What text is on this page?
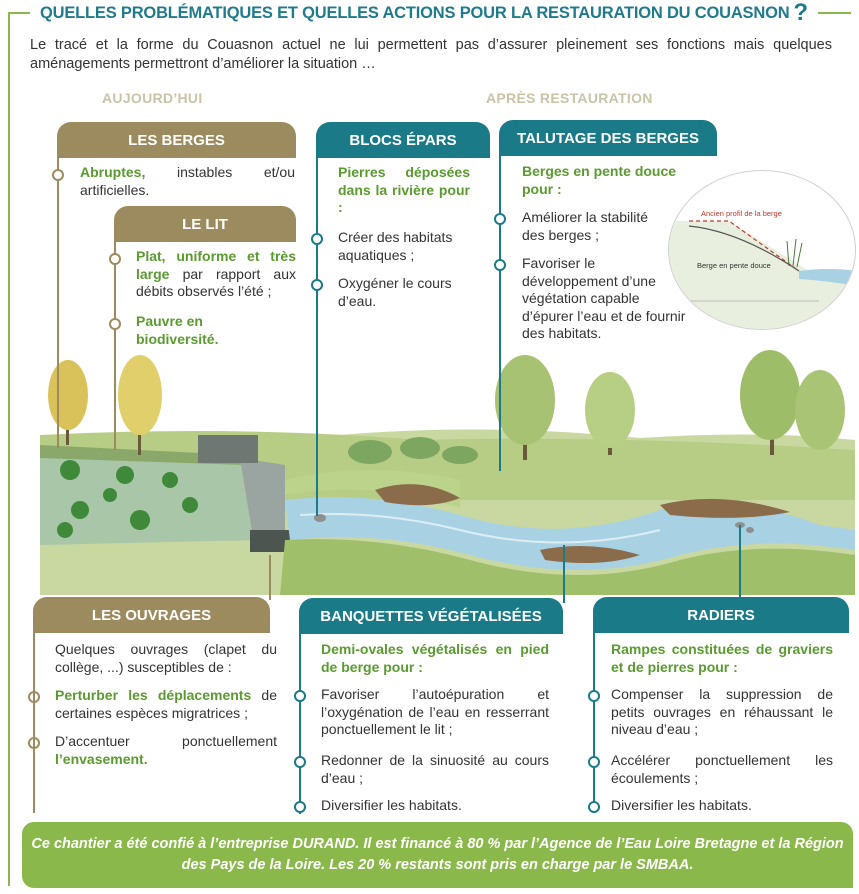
QUELLES PROBLÉMATIQUES ET QUELLES ACTIONS POUR LA RESTAURATION DU COUASNON ?

Le tracé et la forme du Couasnon actuel ne lui permettent pas d’assurer pleinement ses fonctions mais quelques aménagements permettront d’améliorer la situation …

AUJOURD’HUI	APRÈS RESTAURATION
LES BERGES
Abruptes, instables et/ou artificielles.
LE LIT
Plat, uniforme et très large par rapport aux débits observés l’été ;
Pauvre en biodiversité.
BLOCS ÉPARS
Pierres déposées dans la rivière pour :
Créer des habitats aquatiques ;
Oxygéner le cours d’eau.
TALUTAGE DES BERGES
Berges en pente douce pour :
Améliorer la stabilité des berges ;
Favoriser le développement d’une végétation capable d’épurer l’eau et de fournir des habitats.
Ancien profil de la berge
Berge en pente douce
LES OUVRAGES
Quelques ouvrages (clapet du collège, ...) susceptibles de :
Perturber les déplacements de certaines espèces migratrices ;
D’accentuer ponctuellement l’envasement.
BANQUETTES VÉGÉTALISÉES
Demi-ovales végétalisés en pied de berge pour :
Favoriser l’autoépuration et l’oxygénation de l’eau en resserrant ponctuellement le lit ;
Redonner de la sinuosité au cours d’eau ;
Diversifier les habitats.
RADIERS
Rampes constituées de graviers et de pierres pour :
Compenser la suppression de petits ouvrages en réhaussant le niveau d’eau ;
Accélérer ponctuellement les écoulements ;
Diversifier les habitats.
Ce chantier a été confié à l’entreprise DURAND. Il est financé à 80 % par l’Agence de l’Eau Loire Bretagne et la Région des Pays de la Loire. Les 20 % restants sont pris en charge par le SMBAA.
